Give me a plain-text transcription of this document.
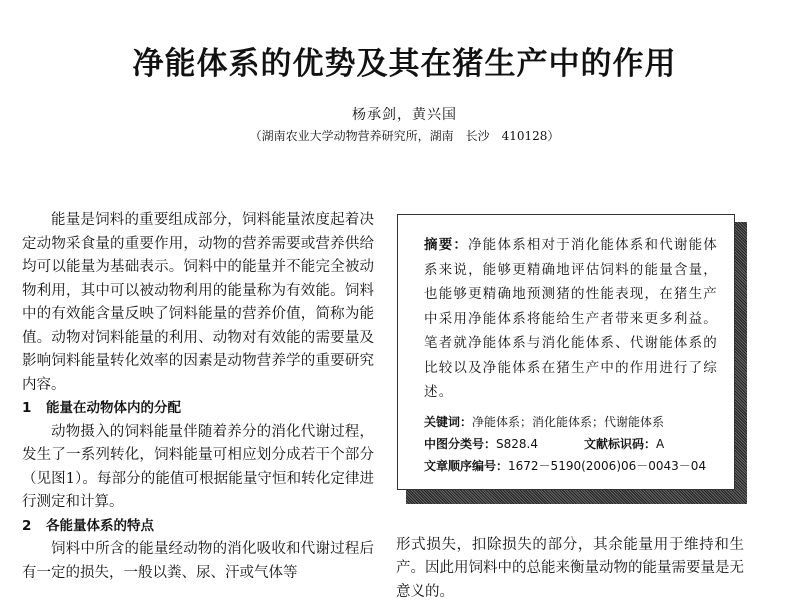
净能体系的优势及其在猪生产中的作用
杨承剑，黄兴国
（湖南农业大学动物营养研究所，湖南　长沙　410128）

能量是饲料的重要组成部分，饲料能量浓度起着决定动物采食量的重要作用，动物的营养需要或营养供给均可以能量为基础表示。饲料中的能量并不能完全被动物利用，其中可以被动物利用的能量称为有效能。饲料中的有效能含量反映了饲料能量的营养价值，简称为能值。动物对饲料能量的利用、动物对有效能的需要量及影响饲料能量转化效率的因素是动物营养学的重要研究内容。

1 能量在动物体内的分配

动物摄入的饲料能量伴随着养分的消化代谢过程，发生了一系列转化，饲料能量可相应划分成若干个部分（见图1）。每部分的能值可根据能量守恒和转化定律进行测定和计算。

2 各能量体系的特点

饲料中所含的能量经动物的消化吸收和代谢过程后有一定的损失，一般以粪、尿、汗或气体等

摘要：净能体系相对于消化能体系和代谢能体系来说，能够更精确地评估饲料的能量含量，也能够更精确地预测猪的性能表现，在猪生产中采用净能体系将能给生产者带来更多利益。笔者就净能体系与消化能体系、代谢能体系的比较以及净能体系在猪生产中的作用进行了综述。

关键词：净能体系；消化能体系；代谢能体系
中图分类号：S828.4	文献标识码：A
文章顺序编号：1672－5190(2006)06－0043－04

形式损失，扣除损失的部分，其余能量用于维持和生产。因此用饲料中的总能来衡量动物的能量需要量是无意义的。
